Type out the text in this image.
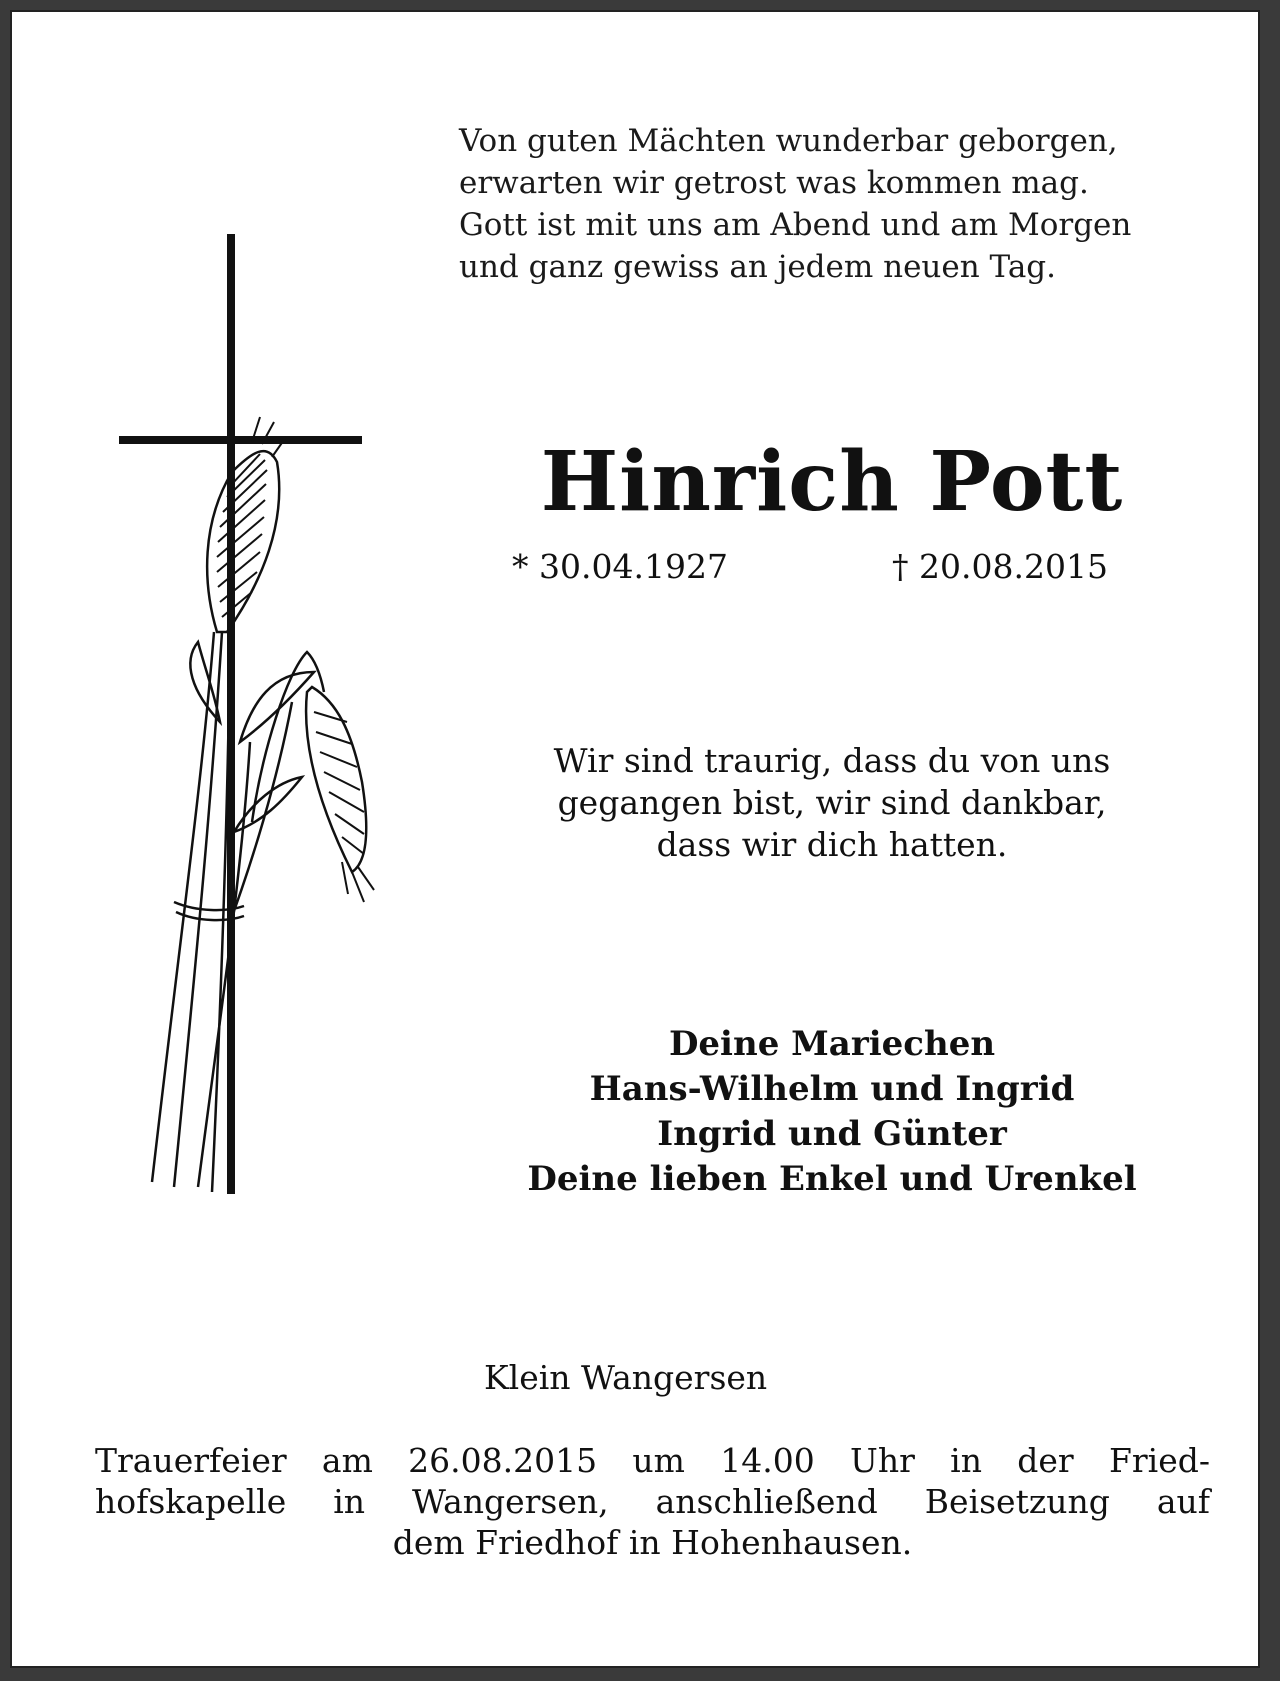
Von guten Mächten wunderbar geborgen,
erwarten wir getrost was kommen mag.
Gott ist mit uns am Abend und am Morgen
und ganz gewiss an jedem neuen Tag.
Hinrich Pott
* 30.04.1927	† 20.08.2015
Wir sind traurig, dass du von uns
gegangen bist, wir sind dankbar,
dass wir dich hatten.
Deine Mariechen
Hans-Wilhelm und Ingrid
Ingrid und Günter
Deine lieben Enkel und Urenkel
Klein Wangersen
Trauerfeier am 26.08.2015 um 14.00 Uhr in der Fried-
hofskapelle in Wangersen, anschließend Beisetzung auf
dem Friedhof in Hohenhausen.
